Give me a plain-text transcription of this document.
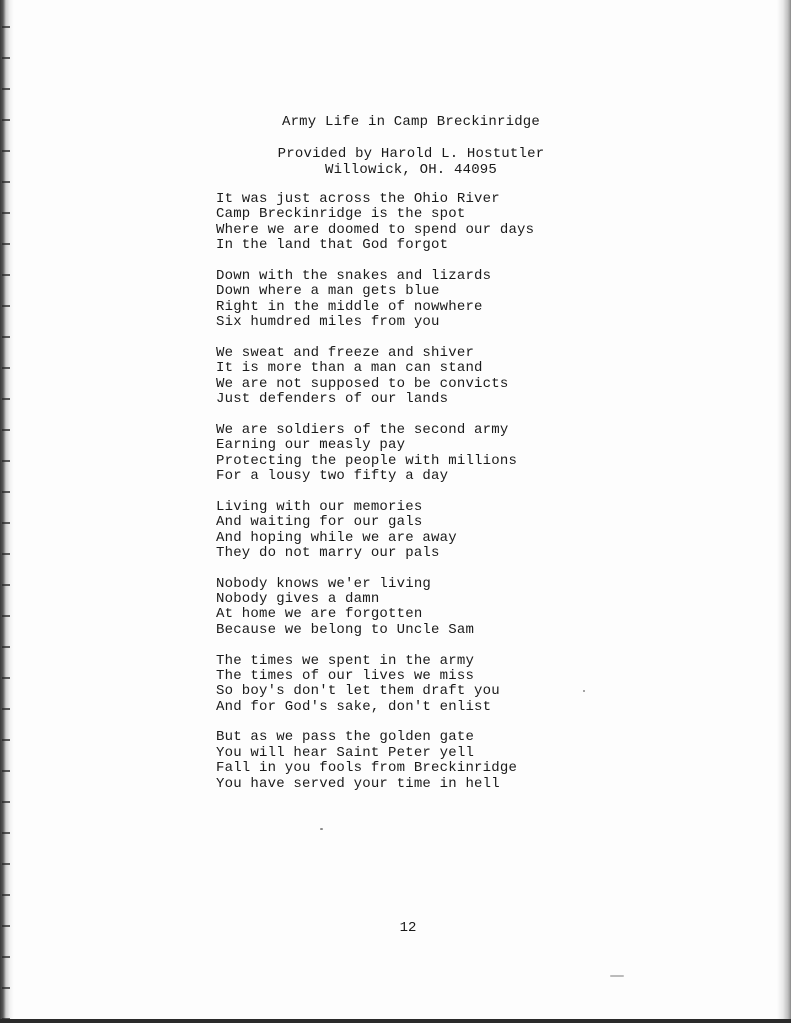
Army Life in Camp Breckinridge
Provided by Harold L. Hostutler
Willowick, OH. 44095
It was just across the Ohio River
Camp Breckinridge is the spot
Where we are doomed to spend our days
In the land that God forgot
Down with the snakes and lizards
Down where a man gets blue
Right in the middle of nowwhere
Six humdred miles from you
We sweat and freeze and shiver
It is more than a man can stand
We are not supposed to be convicts
Just defenders of our lands
We are soldiers of the second army
Earning our measly pay
Protecting the people with millions
For a lousy two fifty a day
Living with our memories
And waiting for our gals
And hoping while we are away
They do not marry our pals
Nobody knows we'er living
Nobody gives a damn
At home we are forgotten
Because we belong to Uncle Sam
The times we spent in the army
The times of our lives we miss
So boy's don't let them draft you
And for God's sake, don't enlist
But as we pass the golden gate
You will hear Saint Peter yell
Fall in you fools from Breckinridge
You have served your time in hell
12
